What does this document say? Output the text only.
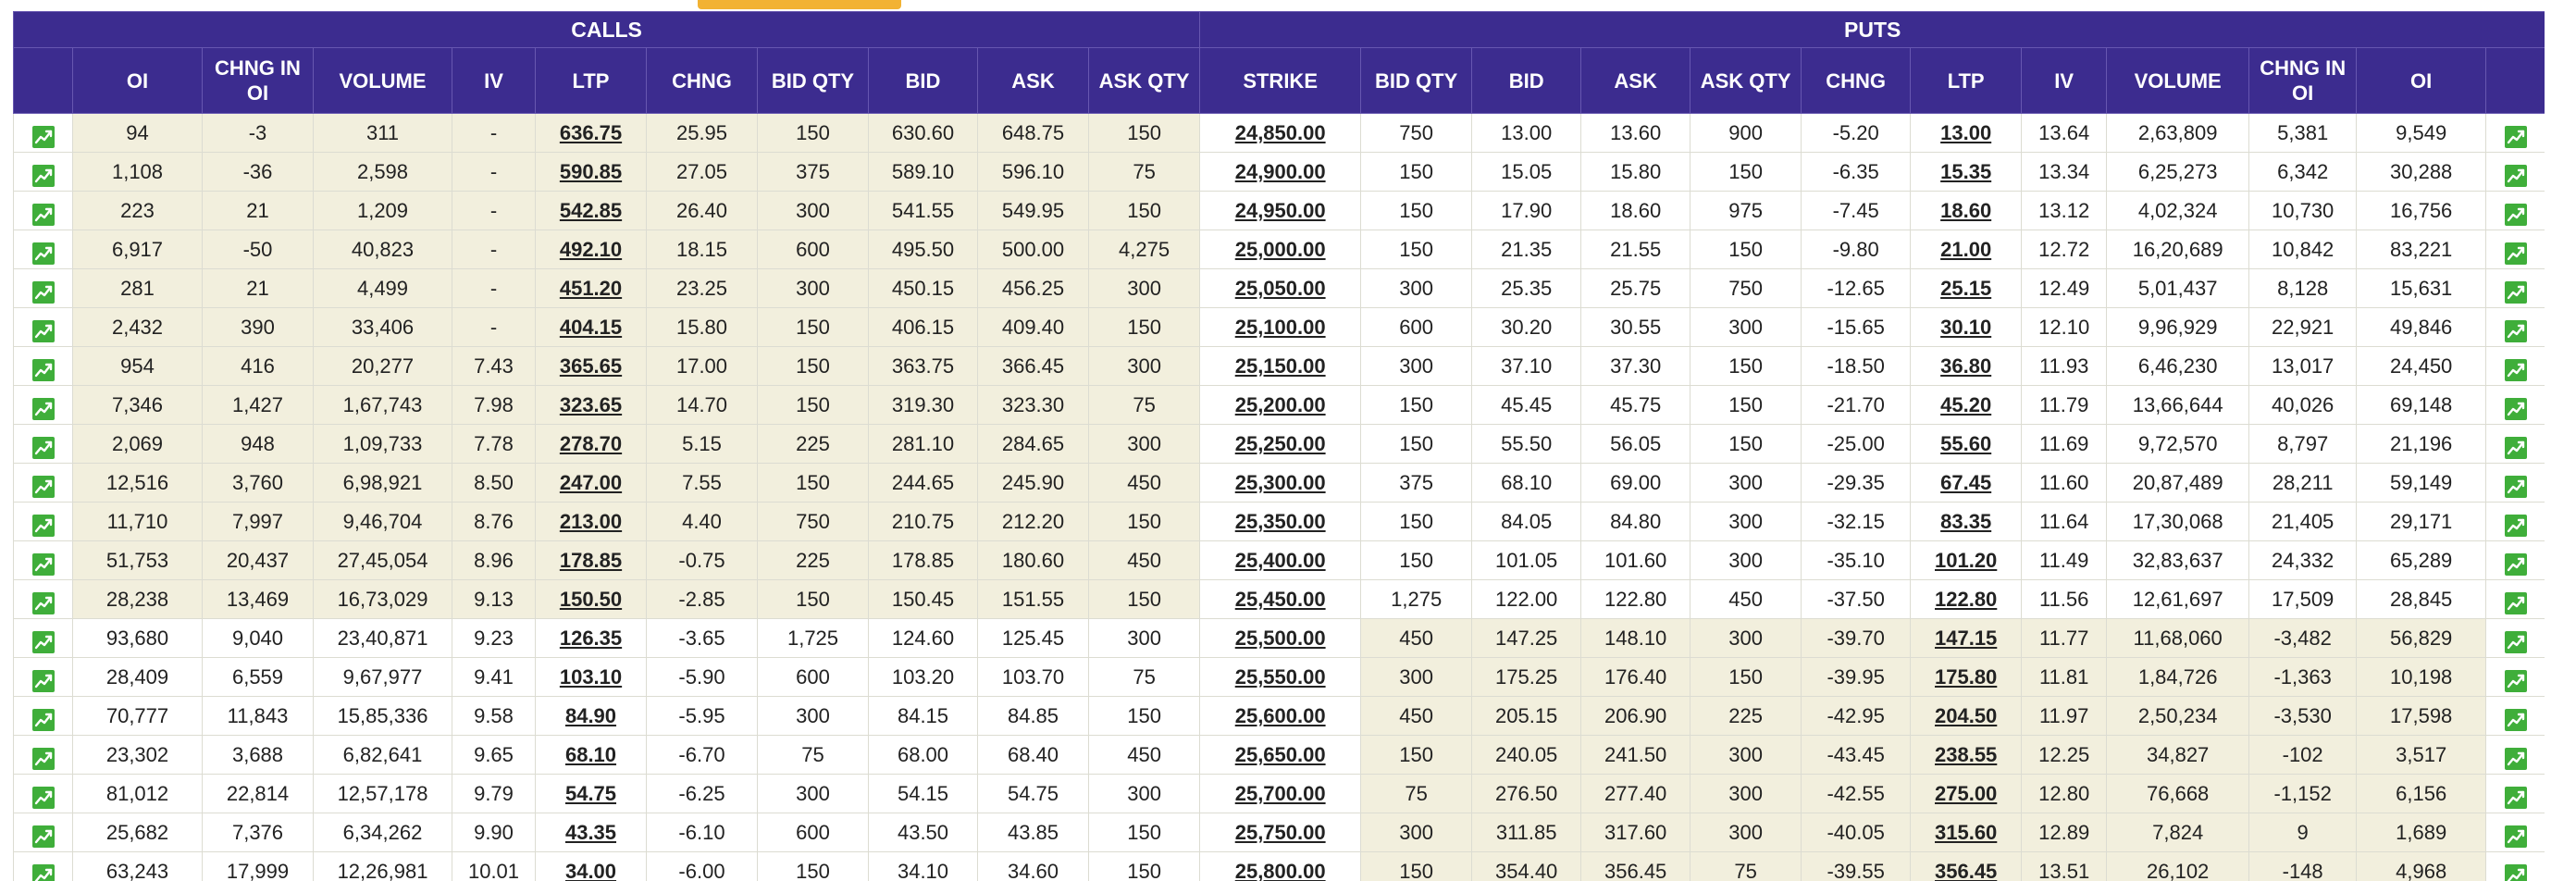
CALLS											PUTS											
	OI	CHNG IN OI	VOLUME	IV	LTP	CHNG	BID QTY	BID	ASK	ASK QTY	STRIKE	BID QTY	BID	ASK	ASK QTY	CHNG	LTP	IV	VOLUME	CHNG IN OI	OI	

	94	-3	311	-	636.75	25.95	150	630.60	648.75	150	24,850.00	750	13.00	13.60	900	-5.20	13.00	13.64	2,63,809	5,381	9,549	

	1,108	-36	2,598	-	590.85	27.05	375	589.10	596.10	75	24,900.00	150	15.05	15.80	150	-6.35	15.35	13.34	6,25,273	6,342	30,288	

	223	21	1,209	-	542.85	26.40	300	541.55	549.95	150	24,950.00	150	17.90	18.60	975	-7.45	18.60	13.12	4,02,324	10,730	16,756	

	6,917	-50	40,823	-	492.10	18.15	600	495.50	500.00	4,275	25,000.00	150	21.35	21.55	150	-9.80	21.00	12.72	16,20,689	10,842	83,221	

	281	21	4,499	-	451.20	23.25	300	450.15	456.25	300	25,050.00	300	25.35	25.75	750	-12.65	25.15	12.49	5,01,437	8,128	15,631	

	2,432	390	33,406	-	404.15	15.80	150	406.15	409.40	150	25,100.00	600	30.20	30.55	300	-15.65	30.10	12.10	9,96,929	22,921	49,846	

	954	416	20,277	7.43	365.65	17.00	150	363.75	366.45	300	25,150.00	300	37.10	37.30	150	-18.50	36.80	11.93	6,46,230	13,017	24,450	

	7,346	1,427	1,67,743	7.98	323.65	14.70	150	319.30	323.30	75	25,200.00	150	45.45	45.75	150	-21.70	45.20	11.79	13,66,644	40,026	69,148	

	2,069	948	1,09,733	7.78	278.70	5.15	225	281.10	284.65	300	25,250.00	150	55.50	56.05	150	-25.00	55.60	11.69	9,72,570	8,797	21,196	

	12,516	3,760	6,98,921	8.50	247.00	7.55	150	244.65	245.90	450	25,300.00	375	68.10	69.00	300	-29.35	67.45	11.60	20,87,489	28,211	59,149	

	11,710	7,997	9,46,704	8.76	213.00	4.40	750	210.75	212.20	150	25,350.00	150	84.05	84.80	300	-32.15	83.35	11.64	17,30,068	21,405	29,171	

	51,753	20,437	27,45,054	8.96	178.85	-0.75	225	178.85	180.60	450	25,400.00	150	101.05	101.60	300	-35.10	101.20	11.49	32,83,637	24,332	65,289	

	28,238	13,469	16,73,029	9.13	150.50	-2.85	150	150.45	151.55	150	25,450.00	1,275	122.00	122.80	450	-37.50	122.80	11.56	12,61,697	17,509	28,845	

	93,680	9,040	23,40,871	9.23	126.35	-3.65	1,725	124.60	125.45	300	25,500.00	450	147.25	148.10	300	-39.70	147.15	11.77	11,68,060	-3,482	56,829	

	28,409	6,559	9,67,977	9.41	103.10	-5.90	600	103.20	103.70	75	25,550.00	300	175.25	176.40	150	-39.95	175.80	11.81	1,84,726	-1,363	10,198	

	70,777	11,843	15,85,336	9.58	84.90	-5.95	300	84.15	84.85	150	25,600.00	450	205.15	206.90	225	-42.95	204.50	11.97	2,50,234	-3,530	17,598	

	23,302	3,688	6,82,641	9.65	68.10	-6.70	75	68.00	68.40	450	25,650.00	150	240.05	241.50	300	-43.45	238.55	12.25	34,827	-102	3,517	

	81,012	22,814	12,57,178	9.79	54.75	-6.25	300	54.15	54.75	300	25,700.00	75	276.50	277.40	300	-42.55	275.00	12.80	76,668	-1,152	6,156	

	25,682	7,376	6,34,262	9.90	43.35	-6.10	600	43.50	43.85	150	25,750.00	300	311.85	317.60	300	-40.05	315.60	12.89	7,824	9	1,689	

	63,243	17,999	12,26,981	10.01	34.00	-6.00	150	34.10	34.60	150	25,800.00	150	354.40	356.45	75	-39.55	356.45	13.51	26,102	-148	4,968	
